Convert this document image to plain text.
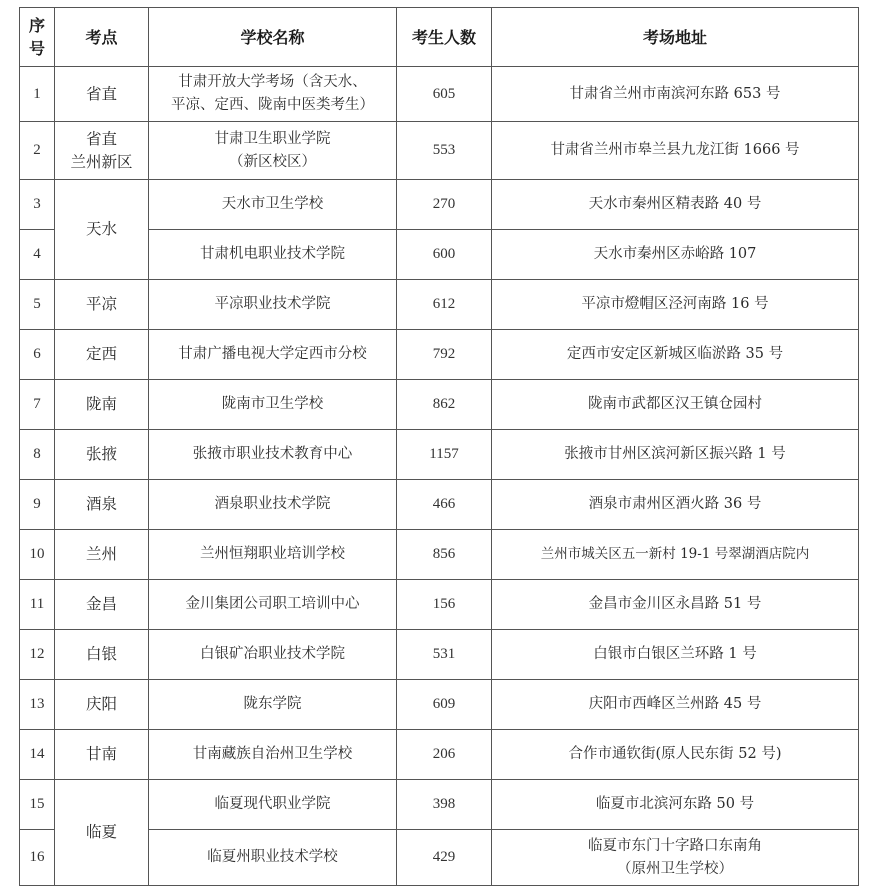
序
号	考点	学校名称	考生人数	考场地址
1	省直	甘肃开放大学考场（含天水、
平凉、定西、陇南中医类考生）	605	甘肃省兰州市南滨河东路 653 号
2	省直
兰州新区	甘肃卫生职业学院
（新区校区）	553	甘肃省兰州市皋兰县九龙江街 1666 号
3	天水	天水市卫生学校	270	天水市秦州区精表路 40 号
4		甘肃机电职业技术学院	600	天水市秦州区赤峪路 107
5	平凉	平凉职业技术学院	612	平凉市燈帽区泾河南路 16 号
6	定西	甘肃广播电视大学定西市分校	792	定西市安定区新城区临淤路 35 号
7	陇南	陇南市卫生学校	862	陇南市武都区汉王镇仓园村
8	张掖	张掖市职业技术教育中心	1157	张掖市甘州区滨河新区振兴路 1 号
9	酒泉	酒泉职业技术学院	466	酒泉市肃州区酒火路 36 号
10	兰州	兰州恒翔职业培训学校	856	兰州市城关区五一新村 19-1 号翠湖酒店院内
11	金昌	金川集团公司职工培训中心	156	金昌市金川区永昌路 51 号
12	白银	白银矿冶职业技术学院	531	白银市白银区兰环路 1 号
13	庆阳	陇东学院	609	庆阳市西峰区兰州路 45 号
14	甘南	甘南藏族自治州卫生学校	206	合作市通钦街(原人民东街 52 号)
15	临夏	临夏现代职业学院	398	临夏市北滨河东路 50 号
16		临夏州职业技术学校	429	临夏市东门十字路口东南角
（原州卫生学校）
